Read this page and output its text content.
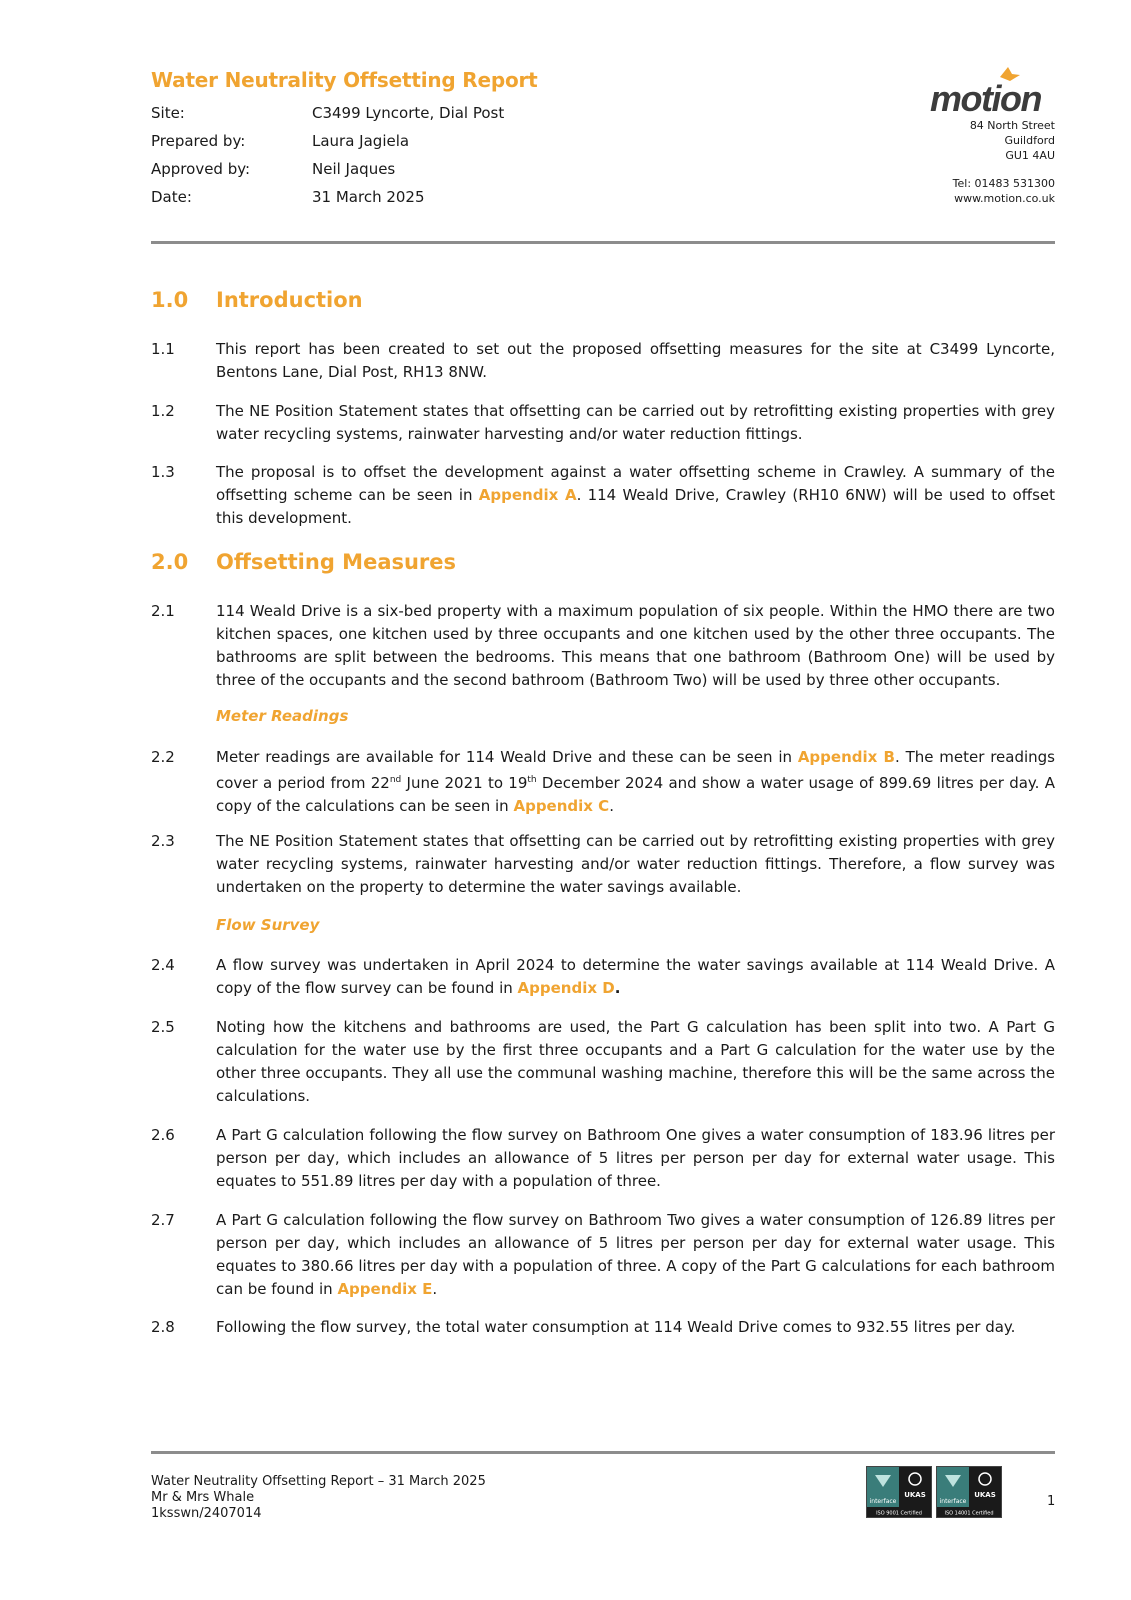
Water Neutrality Offsetting Report
Site:	C3499 Lyncorte, Dial Post
Prepared by:	Laura Jagiela
Approved by:	Neil Jaques
Date:	31 March 2025
motion
84 North Street
Guildford
GU1 4AU
Tel: 01483 531300
www.motion.co.uk
1.0 Introduction
1.1	This report has been created to set out the proposed offsetting measures for the site at C3499 Lyncorte, Bentons Lane, Dial Post, RH13 8NW.
1.2	The NE Position Statement states that offsetting can be carried out by retrofitting existing properties with grey water recycling systems, rainwater harvesting and/or water reduction fittings.
1.3	The proposal is to offset the development against a water offsetting scheme in Crawley. A summary of the offsetting scheme can be seen in Appendix A. 114 Weald Drive, Crawley (RH10 6NW) will be used to offset this development.
2.0 Offsetting Measures
2.1	114 Weald Drive is a six-bed property with a maximum population of six people. Within the HMO there are two kitchen spaces, one kitchen used by three occupants and one kitchen used by the other three occupants. The bathrooms are split between the bedrooms. This means that one bathroom (Bathroom One) will be used by three of the occupants and the second bathroom (Bathroom Two) will be used by three other occupants.
Meter Readings
2.2	Meter readings are available for 114 Weald Drive and these can be seen in Appendix B. The meter readings cover a period from 22nd June 2021 to 19th December 2024 and show a water usage of 899.69 litres per day. A copy of the calculations can be seen in Appendix C.
2.3	The NE Position Statement states that offsetting can be carried out by retrofitting existing properties with grey water recycling systems, rainwater harvesting and/or water reduction fittings. Therefore, a flow survey was undertaken on the property to determine the water savings available.
Flow Survey
2.4	A flow survey was undertaken in April 2024 to determine the water savings available at 114 Weald Drive. A copy of the flow survey can be found in Appendix D.
2.5	Noting how the kitchens and bathrooms are used, the Part G calculation has been split into two. A Part G calculation for the water use by the first three occupants and a Part G calculation for the water use by the other three occupants. They all use the communal washing machine, therefore this will be the same across the calculations.
2.6	A Part G calculation following the flow survey on Bathroom One gives a water consumption of 183.96 litres per person per day, which includes an allowance of 5 litres per person per day for external water usage. This equates to 551.89 litres per day with a population of three.
2.7	A Part G calculation following the flow survey on Bathroom Two gives a water consumption of 126.89 litres per person per day, which includes an allowance of 5 litres per person per day for external water usage. This equates to 380.66 litres per day with a population of three. A copy of the Part G calculations for each bathroom can be found in Appendix E.
2.8	Following the flow survey, the total water consumption at 114 Weald Drive comes to 932.55 litres per day.
Water Neutrality Offsetting Report – 31 March 2025
Mr & Mrs Whale
1ksswn/2407014
interface
UKAS
ISO 9001 Certified
interface
UKAS
ISO 14001 Certified
1
